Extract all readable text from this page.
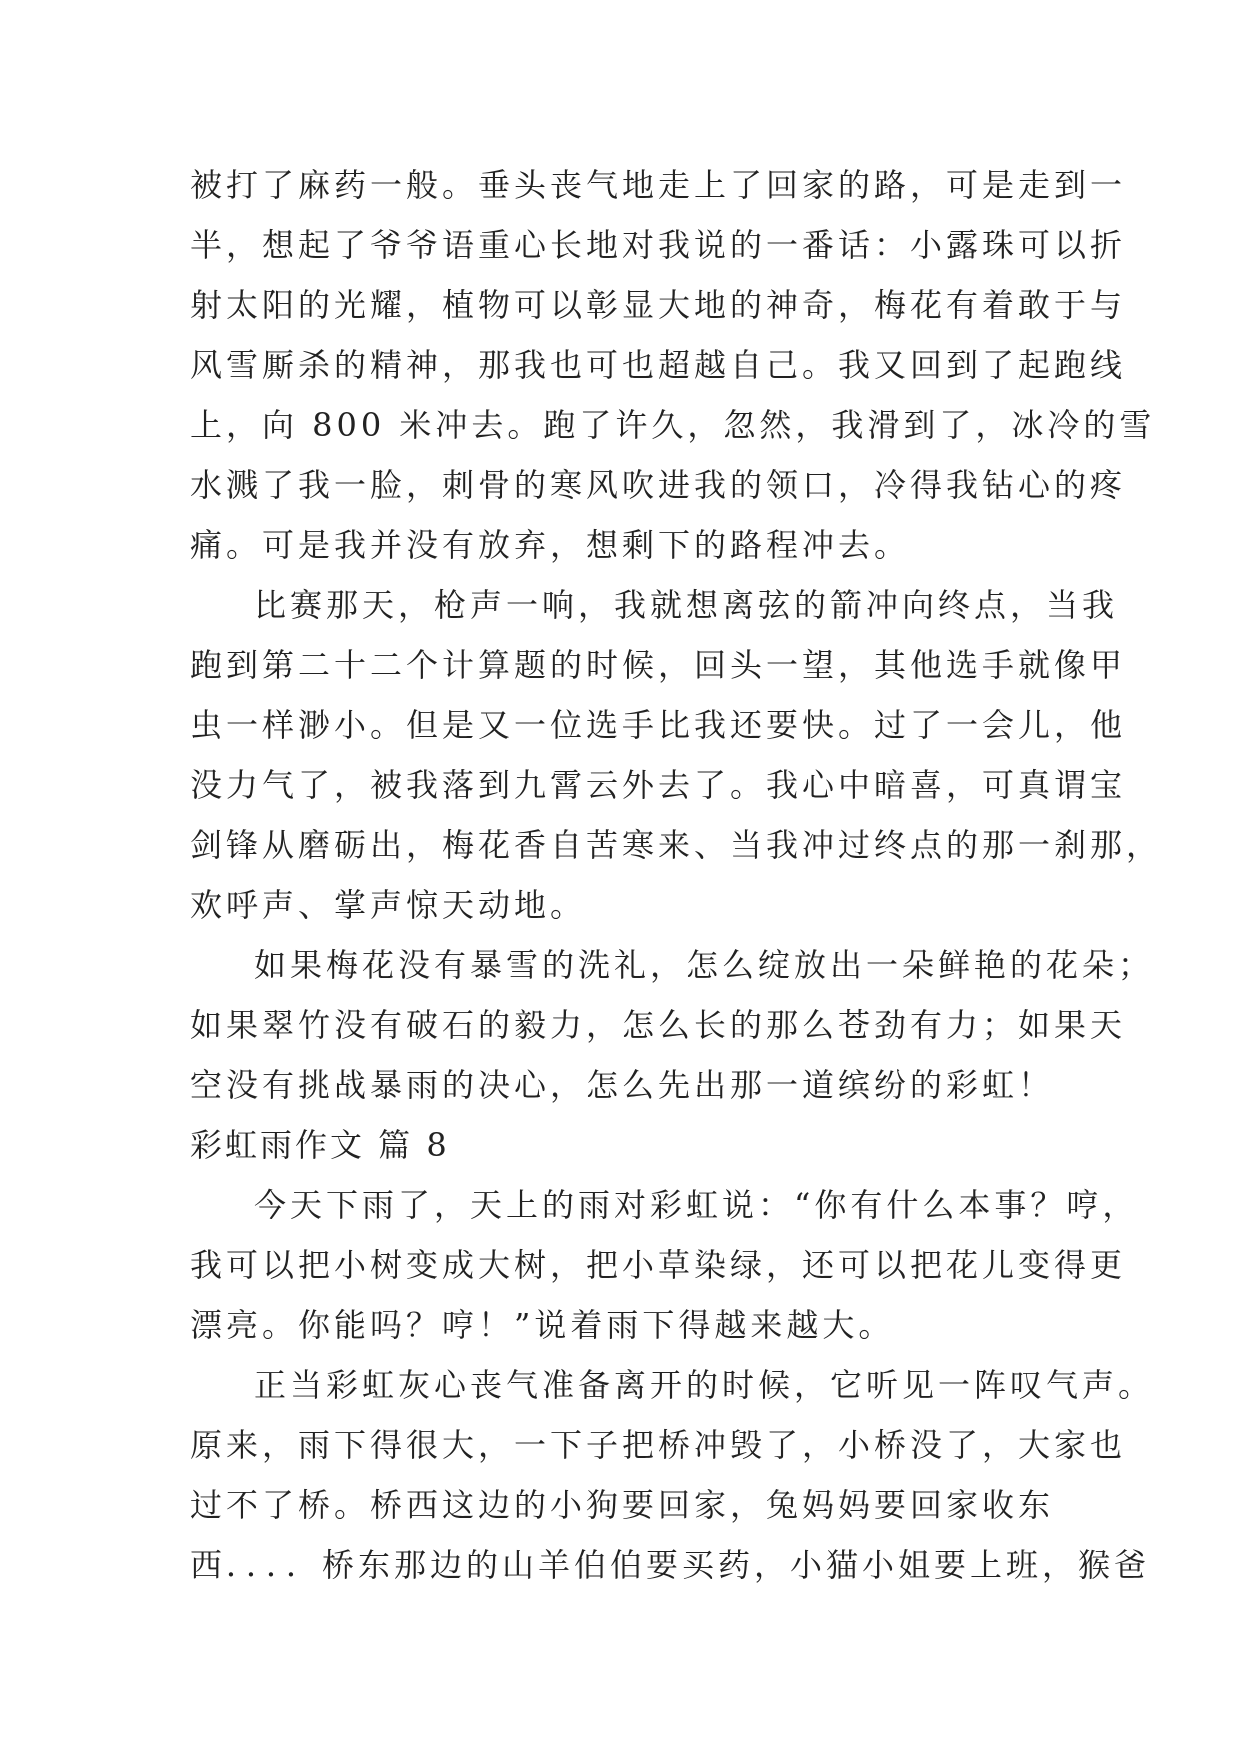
被打了麻药一般。垂头丧气地走上了回家的路，可是走到一
半，想起了爷爷语重心长地对我说的一番话：小露珠可以折
射太阳的光耀，植物可以彰显大地的神奇，梅花有着敢于与
风雪厮杀的精神，那我也可也超越自己。我又回到了起跑线
上，向 800 米冲去。跑了许久，忽然，我滑到了，冰冷的雪
水溅了我一脸，刺骨的寒风吹进我的领口，冷得我钻心的疼
痛。可是我并没有放弃，想剩下的路程冲去。
比赛那天，枪声一响，我就想离弦的箭冲向终点，当我
跑到第二十二个计算题的时候，回头一望，其他选手就像甲
虫一样渺小。但是又一位选手比我还要快。过了一会儿，他
没力气了，被我落到九霄云外去了。我心中暗喜，可真谓宝
剑锋从磨砺出，梅花香自苦寒来、当我冲过终点的那一刹那，
欢呼声、掌声惊天动地。
如果梅花没有暴雪的洗礼，怎么绽放出一朵鲜艳的花朵；
如果翠竹没有破石的毅力，怎么长的那么苍劲有力；如果天
空没有挑战暴雨的决心，怎么先出那一道缤纷的彩虹！
彩虹雨作文 篇 8
今天下雨了，天上的雨对彩虹说：“你有什么本事？哼，
我可以把小树变成大树，把小草染绿，还可以把花儿变得更
漂亮。你能吗？哼！”说着雨下得越来越大。
正当彩虹灰心丧气准备离开的时候，它听见一阵叹气声。
原来，雨下得很大，一下子把桥冲毁了，小桥没了，大家也
过不了桥。桥西这边的小狗要回家，兔妈妈要回家收东
西．．．．桥东那边的山羊伯伯要买药，小猫小姐要上班，猴爸
